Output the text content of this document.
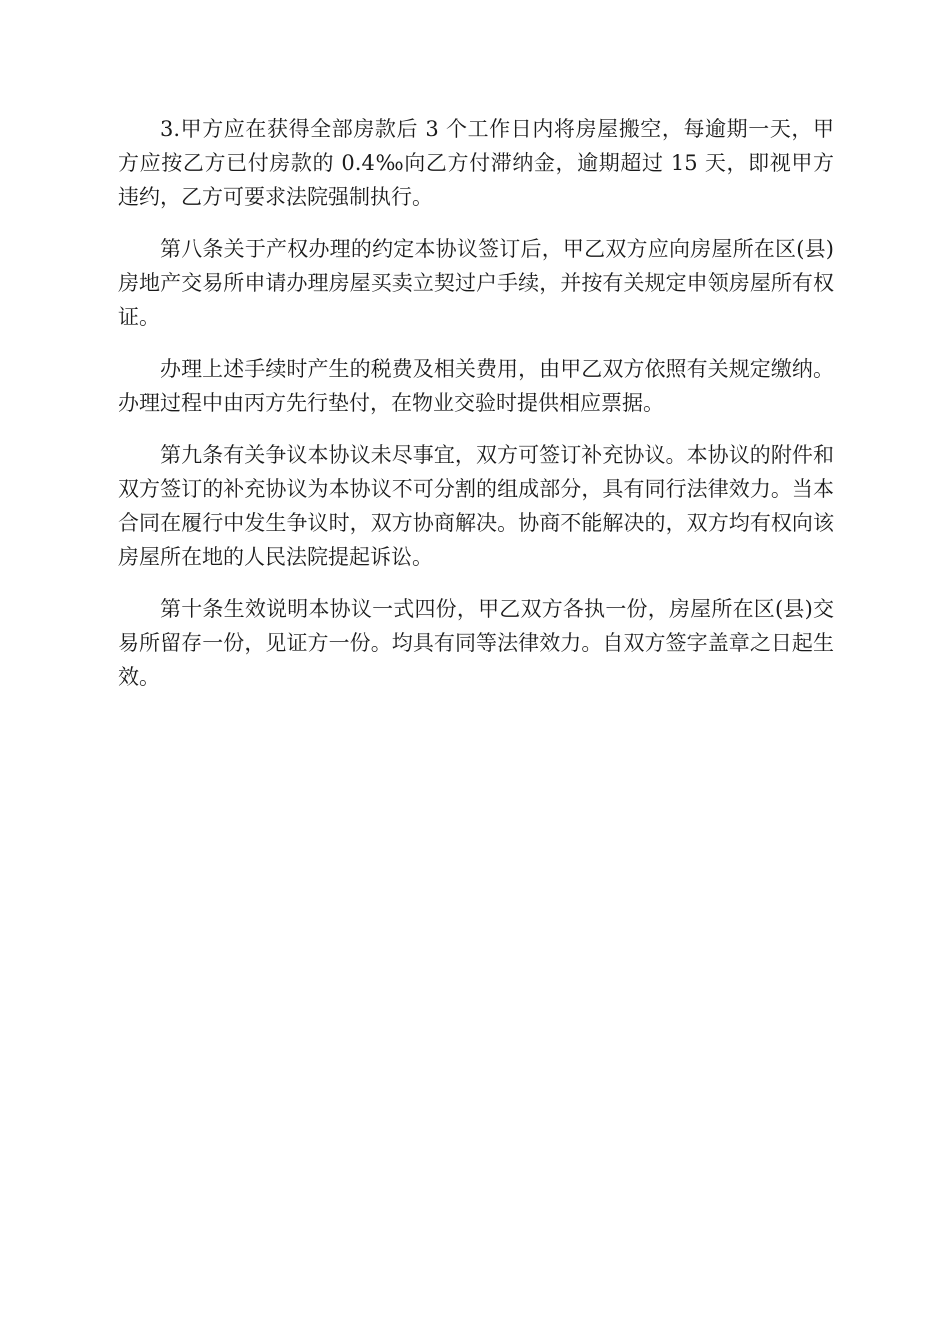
3.甲方应在获得全部房款后 3 个工作日内将房屋搬空，每逾期一天，甲方应按乙方已付房款的 0.4‰向乙方付滞纳金，逾期超过 15 天，即视甲方违约，乙方可要求法院强制执行。

第八条关于产权办理的约定本协议签订后，甲乙双方应向房屋所在区(县)房地产交易所申请办理房屋买卖立契过户手续，并按有关规定申领房屋所有权证。

办理上述手续时产生的税费及相关费用，由甲乙双方依照有关规定缴纳。办理过程中由丙方先行垫付，在物业交验时提供相应票据。

第九条有关争议本协议未尽事宜，双方可签订补充协议。本协议的附件和双方签订的补充协议为本协议不可分割的组成部分，具有同行法律效力。当本合同在履行中发生争议时，双方协商解决。协商不能解决的，双方均有权向该房屋所在地的人民法院提起诉讼。

第十条生效说明本协议一式四份，甲乙双方各执一份，房屋所在区(县)交易所留存一份，见证方一份。均具有同等法律效力。自双方签字盖章之日起生效。
